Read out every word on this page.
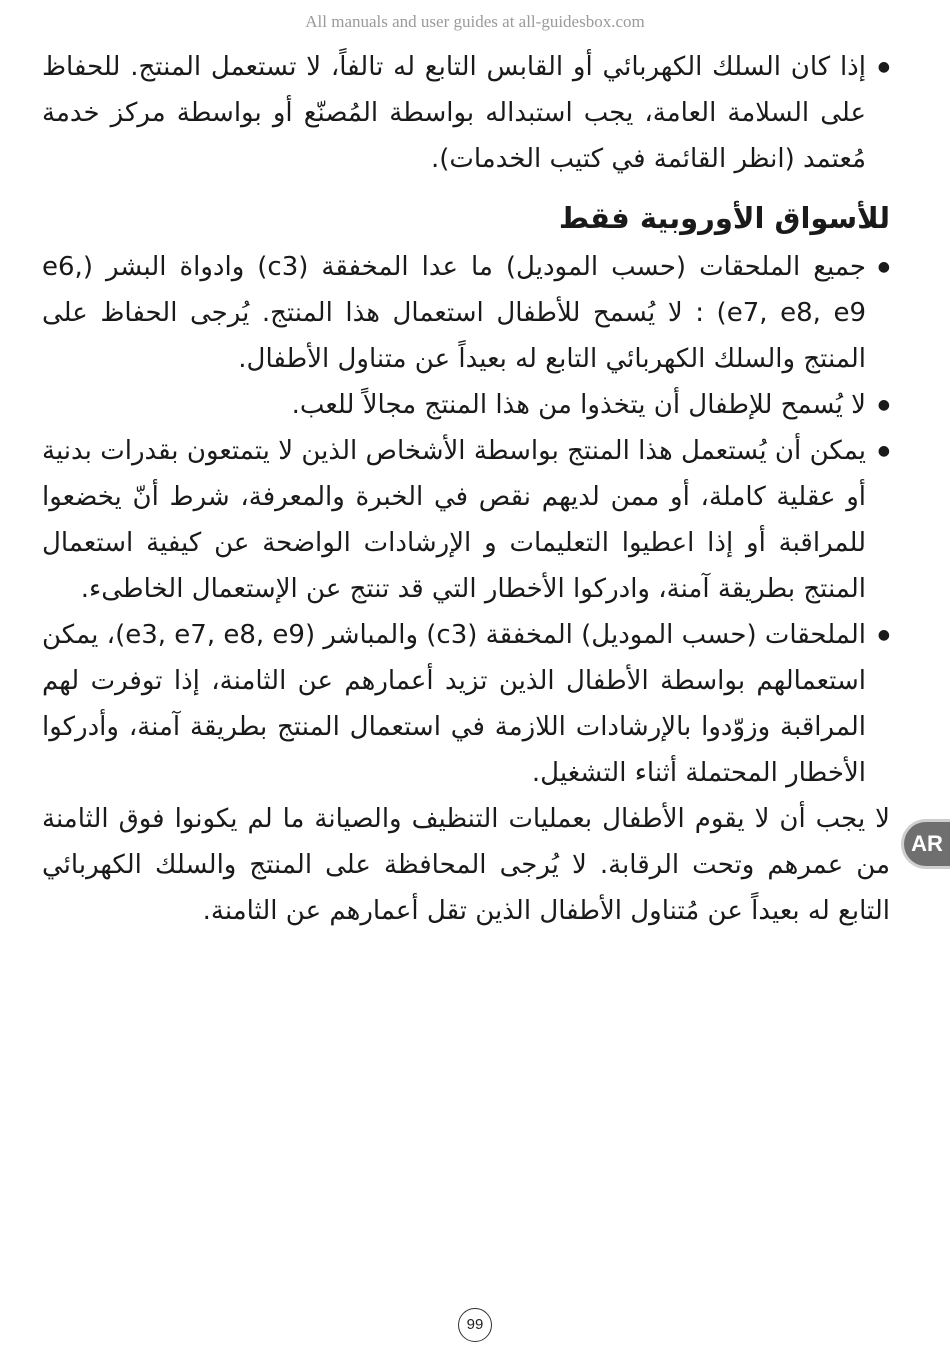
All manuals and user guides at all-guidesbox.com

● إذا كان السلك الكهربائي أو القابس التابع له تالفاً، لا تستعمل المنتج. للحفاظ على السلامة العامة، يجب استبداله بواسطة المُصنّع أو بواسطة مركز خدمة مُعتمد (انظر القائمة في كتيب الخدمات).

للأسواق الأوروبية فقط

● جميع الملحقات (حسب الموديل) ما عدا المخفقة (c3) وادواة البشر (e6, e7, e8, e9) : لا يُسمح للأطفال استعمال هذا المنتج. يُرجى الحفاظ على المنتج والسلك الكهربائي التابع له بعيداً عن متناول الأطفال.

● لا يُسمح للإطفال أن يتخذوا من هذا المنتج مجالاً للعب.

● يمكن أن يُستعمل هذا المنتج بواسطة الأشخاص الذين لا يتمتعون بقدرات بدنية أو عقلية كاملة، أو ممن لديهم نقص في الخبرة والمعرفة، شرط أنّ يخضعوا للمراقبة أو إذا اعطيوا التعليمات و الإرشادات الواضحة عن كيفية استعمال المنتج بطريقة آمنة، وادركوا الأخطار التي قد تنتج عن الإستعمال الخاطىء.

● الملحقات (حسب الموديل) المخفقة (c3) والمباشر (e3, e7, e8, e9)، يمكن استعمالهم بواسطة الأطفال الذين تزيد أعمارهم عن الثامنة، إذا توفرت لهم المراقبة وزوّدوا بالإرشادات اللازمة في استعمال المنتج بطريقة آمنة، وأدركوا الأخطار المحتملة أثناء التشغيل.

لا يجب أن لا يقوم الأطفال بعمليات التنظيف والصيانة ما لم يكونوا فوق الثامنة من عمرهم وتحت الرقابة. لا يُرجى المحافظة على المنتج والسلك الكهربائي التابع له بعيداً عن مُتناول الأطفال الذين تقل أعمارهم عن الثامنة.

AR
99
